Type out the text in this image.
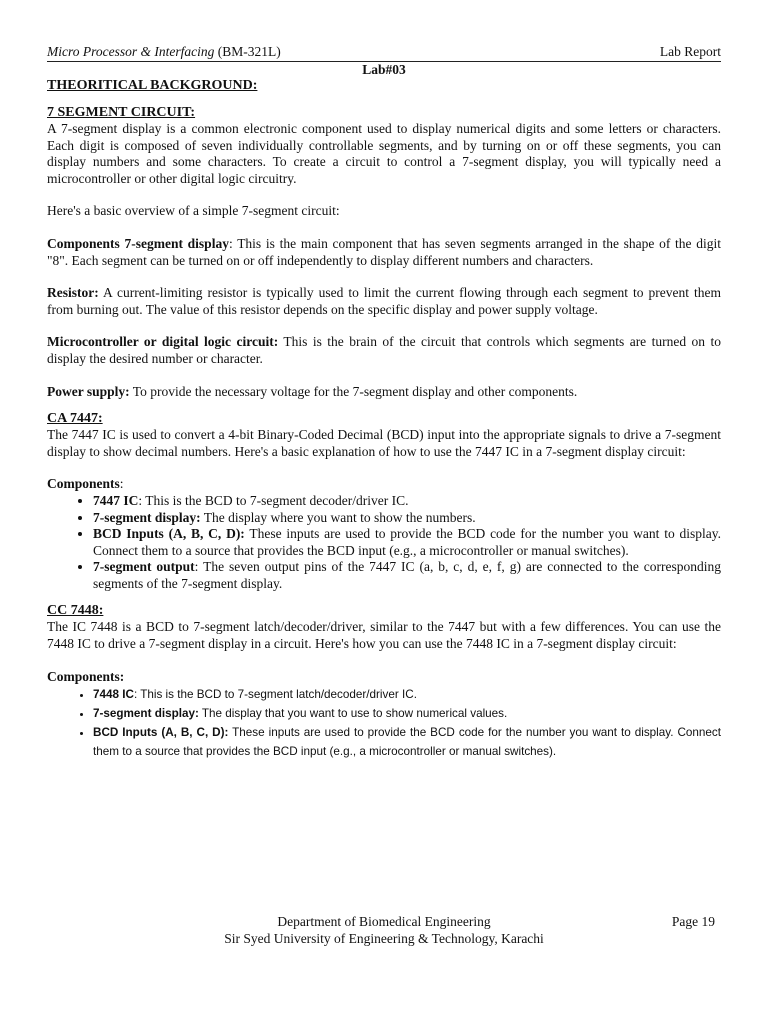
Micro Processor & Interfacing (BM-321L)	Lab Report
Lab#03
THEORITICAL BACKGROUND:
7 SEGMENT CIRCUIT:

A 7-segment display is a common electronic component used to display numerical digits and some letters or characters. Each digit is composed of seven individually controllable segments, and by turning on or off these segments, you can display numbers and some characters. To create a circuit to control a 7-segment display, you will typically need a microcontroller or other digital logic circuitry.

Here's a basic overview of a simple 7-segment circuit:

Components 7-segment display: This is the main component that has seven segments arranged in the shape of the digit "8". Each segment can be turned on or off independently to display different numbers and characters.

Resistor: A current-limiting resistor is typically used to limit the current flowing through each segment to prevent them from burning out. The value of this resistor depends on the specific display and power supply voltage.

Microcontroller or digital logic circuit: This is the brain of the circuit that controls which segments are turned on to display the desired number or character.

Power supply: To provide the necessary voltage for the 7-segment display and other components.

CA 7447:

The 7447 IC is used to convert a 4-bit Binary-Coded Decimal (BCD) input into the appropriate signals to drive a 7-segment display to show decimal numbers. Here's a basic explanation of how to use the 7447 IC in a 7-segment display circuit:

Components:

• 7447 IC: This is the BCD to 7-segment decoder/driver IC.
• 7-segment display: The display where you want to show the numbers.
• BCD Inputs (A, B, C, D): These inputs are used to provide the BCD code for the number you want to display. Connect them to a source that provides the BCD input (e.g., a microcontroller or manual switches).
• 7-segment output: The seven output pins of the 7447 IC (a, b, c, d, e, f, g) are connected to the corresponding segments of the 7-segment display.
CC 7448:

The IC 7448 is a BCD to 7-segment latch/decoder/driver, similar to the 7447 but with a few differences. You can use the 7448 IC to drive a 7-segment display in a circuit. Here's how you can use the 7448 IC in a 7-segment display circuit:

Components:

• 7448 IC: This is the BCD to 7-segment latch/decoder/driver IC.
• 7-segment display: The display that you want to use to show numerical values.
• BCD Inputs (A, B, C, D): These inputs are used to provide the BCD code for the number you want to display. Connect them to a source that provides the BCD input (e.g., a microcontroller or manual switches).
Department of Biomedical Engineering	Page 19
Sir Syed University of Engineering & Technology, Karachi
